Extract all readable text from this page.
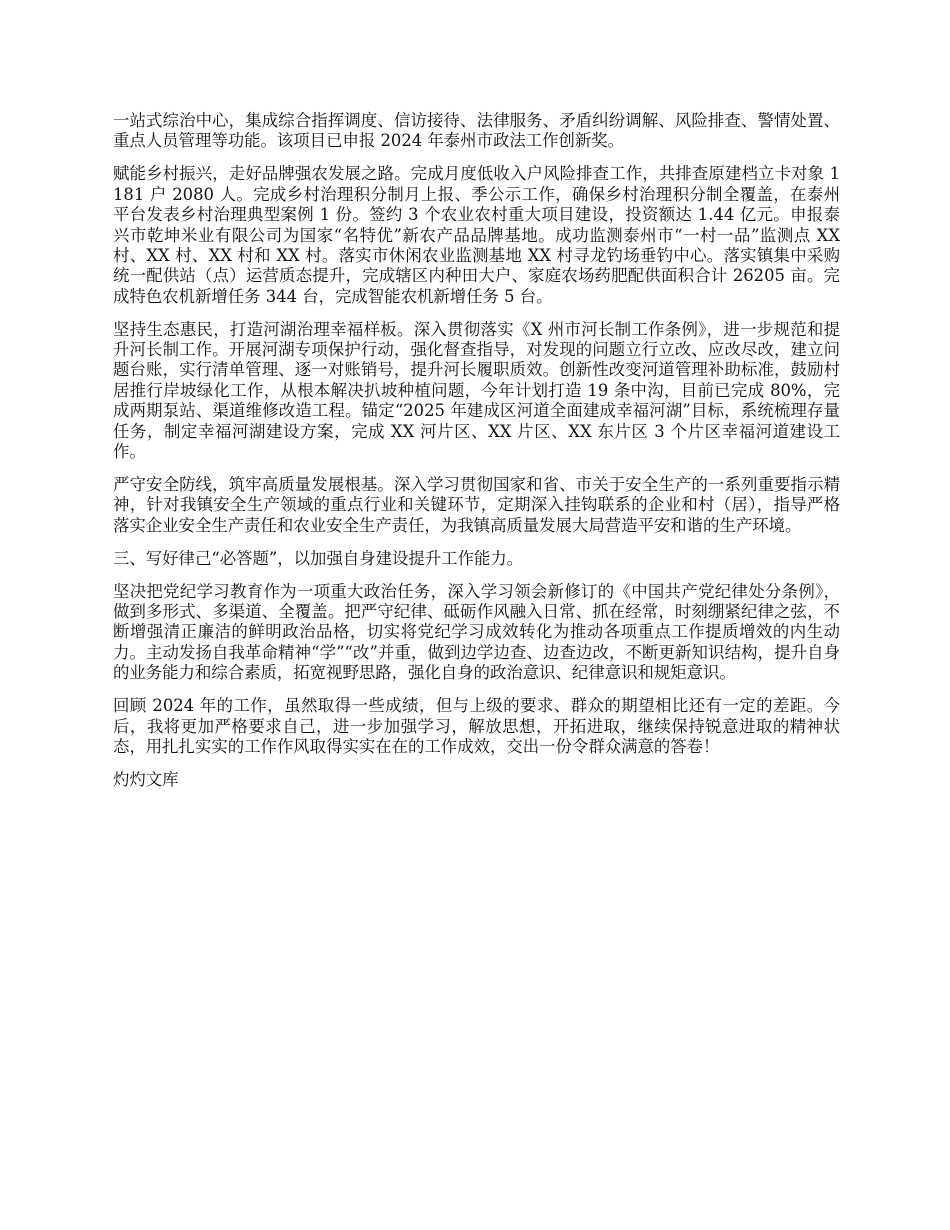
一站式综治中心，集成综合指挥调度、信访接待、法律服务、矛盾纠纷调解、风险排查、警情处置、重点人员管理等功能。该项目已申报 2024 年泰州市政法工作创新奖。

赋能乡村振兴，走好品牌强农发展之路。完成月度低收入户风险排查工作，共排查原建档立卡对象 1181 户 2080 人。完成乡村治理积分制月上报、季公示工作，确保乡村治理积分制全覆盖，在泰州平台发表乡村治理典型案例 1 份。签约 3 个农业农村重大项目建设，投资额达 1.44 亿元。申报泰兴市乾坤米业有限公司为国家“名特优”新农产品品牌基地。成功监测泰州市“一村一品”监测点 XX 村、XX 村、XX 村和 XX 村。落实市休闲农业监测基地 XX 村寻龙钓场垂钓中心。落实镇集中采购统一配供站（点）运营质态提升，完成辖区内种田大户、家庭农场药肥配供面积合计 26205 亩。完成特色农机新增任务 344 台，完成智能农机新增任务 5 台。

坚持生态惠民，打造河湖治理幸福样板。深入贯彻落实《X 州市河长制工作条例》，进一步规范和提升河长制工作。开展河湖专项保护行动，强化督查指导，对发现的问题立行立改、应改尽改，建立问题台账，实行清单管理、逐一对账销号，提升河长履职质效。创新性改变河道管理补助标准，鼓励村居推行岸坡绿化工作，从根本解决扒坡种植问题，今年计划打造 19 条中沟，目前已完成 80%，完成两期泵站、渠道维修改造工程。锚定“2025 年建成区河道全面建成幸福河湖”目标，系统梳理存量任务，制定幸福河湖建设方案，完成 XX 河片区、XX 片区、XX 东片区 3 个片区幸福河道建设工作。

严守安全防线，筑牢高质量发展根基。深入学习贯彻国家和省、市关于安全生产的一系列重要指示精神，针对我镇安全生产领域的重点行业和关键环节，定期深入挂钩联系的企业和村（居），指导严格落实企业安全生产责任和农业安全生产责任，为我镇高质量发展大局营造平安和谐的生产环境。

三、写好律己“必答题”，以加强自身建设提升工作能力。

坚决把党纪学习教育作为一项重大政治任务，深入学习领会新修订的《中国共产党纪律处分条例》，做到多形式、多渠道、全覆盖。把严守纪律、砥砺作风融入日常、抓在经常，时刻绷紧纪律之弦，不断增强清正廉洁的鲜明政治品格，切实将党纪学习成效转化为推动各项重点工作提质增效的内生动力。主动发扬自我革命精神“学”“改”并重，做到边学边查、边查边改，不断更新知识结构，提升自身的业务能力和综合素质，拓宽视野思路，强化自身的政治意识、纪律意识和规矩意识。

回顾 2024 年的工作，虽然取得一些成绩，但与上级的要求、群众的期望相比还有一定的差距。今后，我将更加严格要求自己，进一步加强学习，解放思想，开拓进取，继续保持锐意进取的精神状态，用扎扎实实的工作作风取得实实在在的工作成效，交出一份令群众满意的答卷！

灼灼文库
